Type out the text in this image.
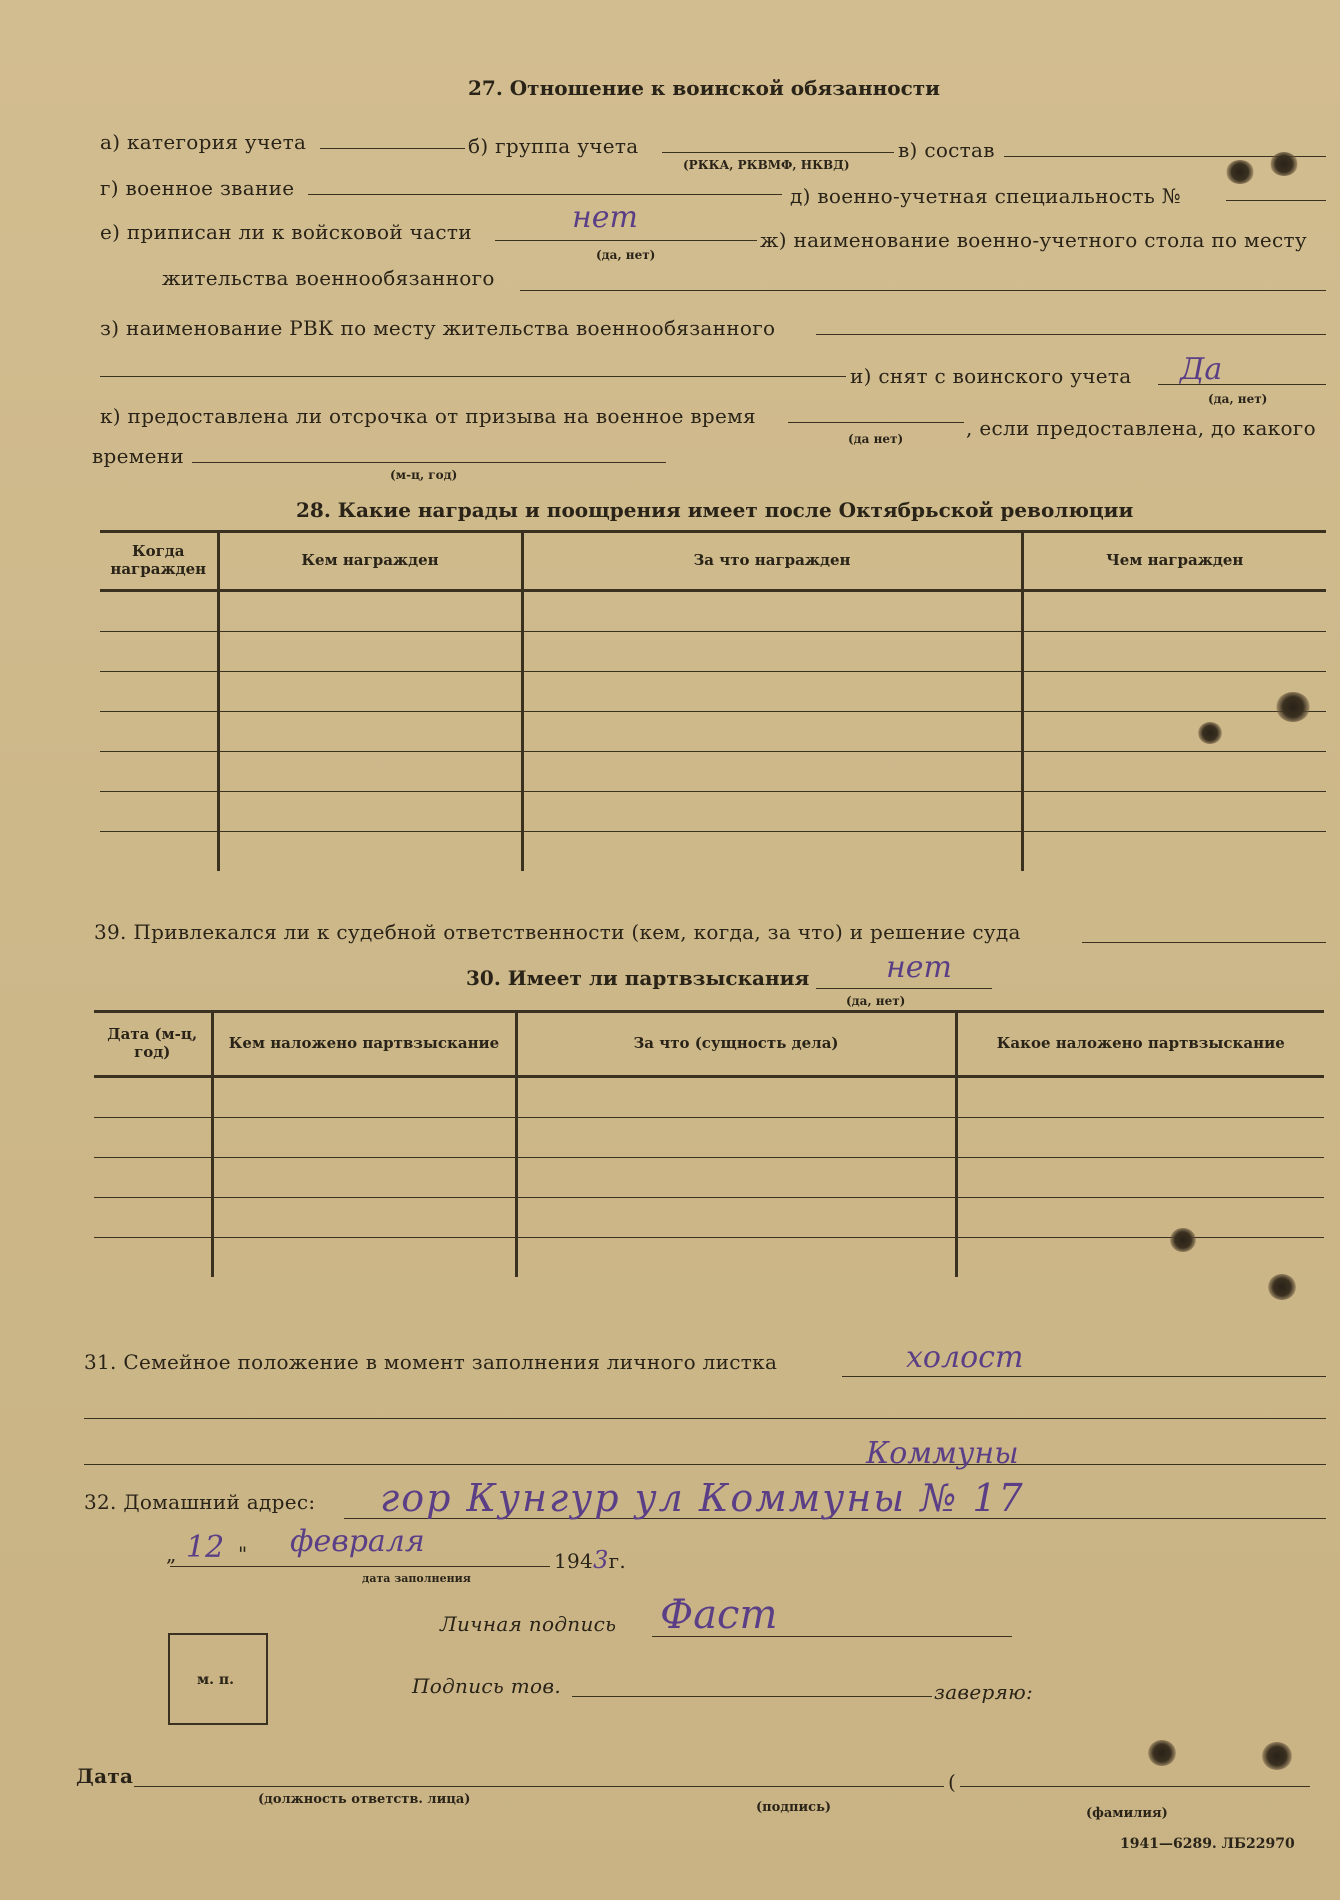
27. Отношение к воинской обязанности
а) категория учета	б) группа учета
(РККА, РКВМФ, НКВД)
в) состав
г) военное звание	д) военно-учетная специальность №
е) приписан ли к войсковой части	нет
(да, нет)
ж) наименование военно-учетного стола по месту
жительства военнообязанного
з) наименование РВК по месту жительства военнообязанного
и) снят с воинского учета Да
(да, нет)
к) предоставлена ли отсрочка от призыва на военное время
(да нет)	, если предоставлена, до какого
времени
(м-ц, год)
28. Какие награды и поощрения имеет после Октябрьской революции
Когда награжден	Кем награжден	За что награжден	Чем награжден

39. Привлекался ли к судебной ответственности (кем, когда, за что) и решение суда
30. Имеет ли партвзыскания	нет
(да, нет)
Дата (м-ц, год)	Кем наложено партвзыскание	За что (сущность дела)	Какое наложено партвзыскание

31. Семейное положение в момент заполнения личного листка	холост
32. Домашний адрес:
Коммуны
гор Кунгур ул Коммуны № 17
„ 12 " февраля
1943г.
дата заполнения
Личная подпись Фаст
м. п.	Подпись тов.	заверяю:
Дата	(
(должность ответств. лица)
(подпись)	(фамилия)
1941—6289. ЛБ22970
